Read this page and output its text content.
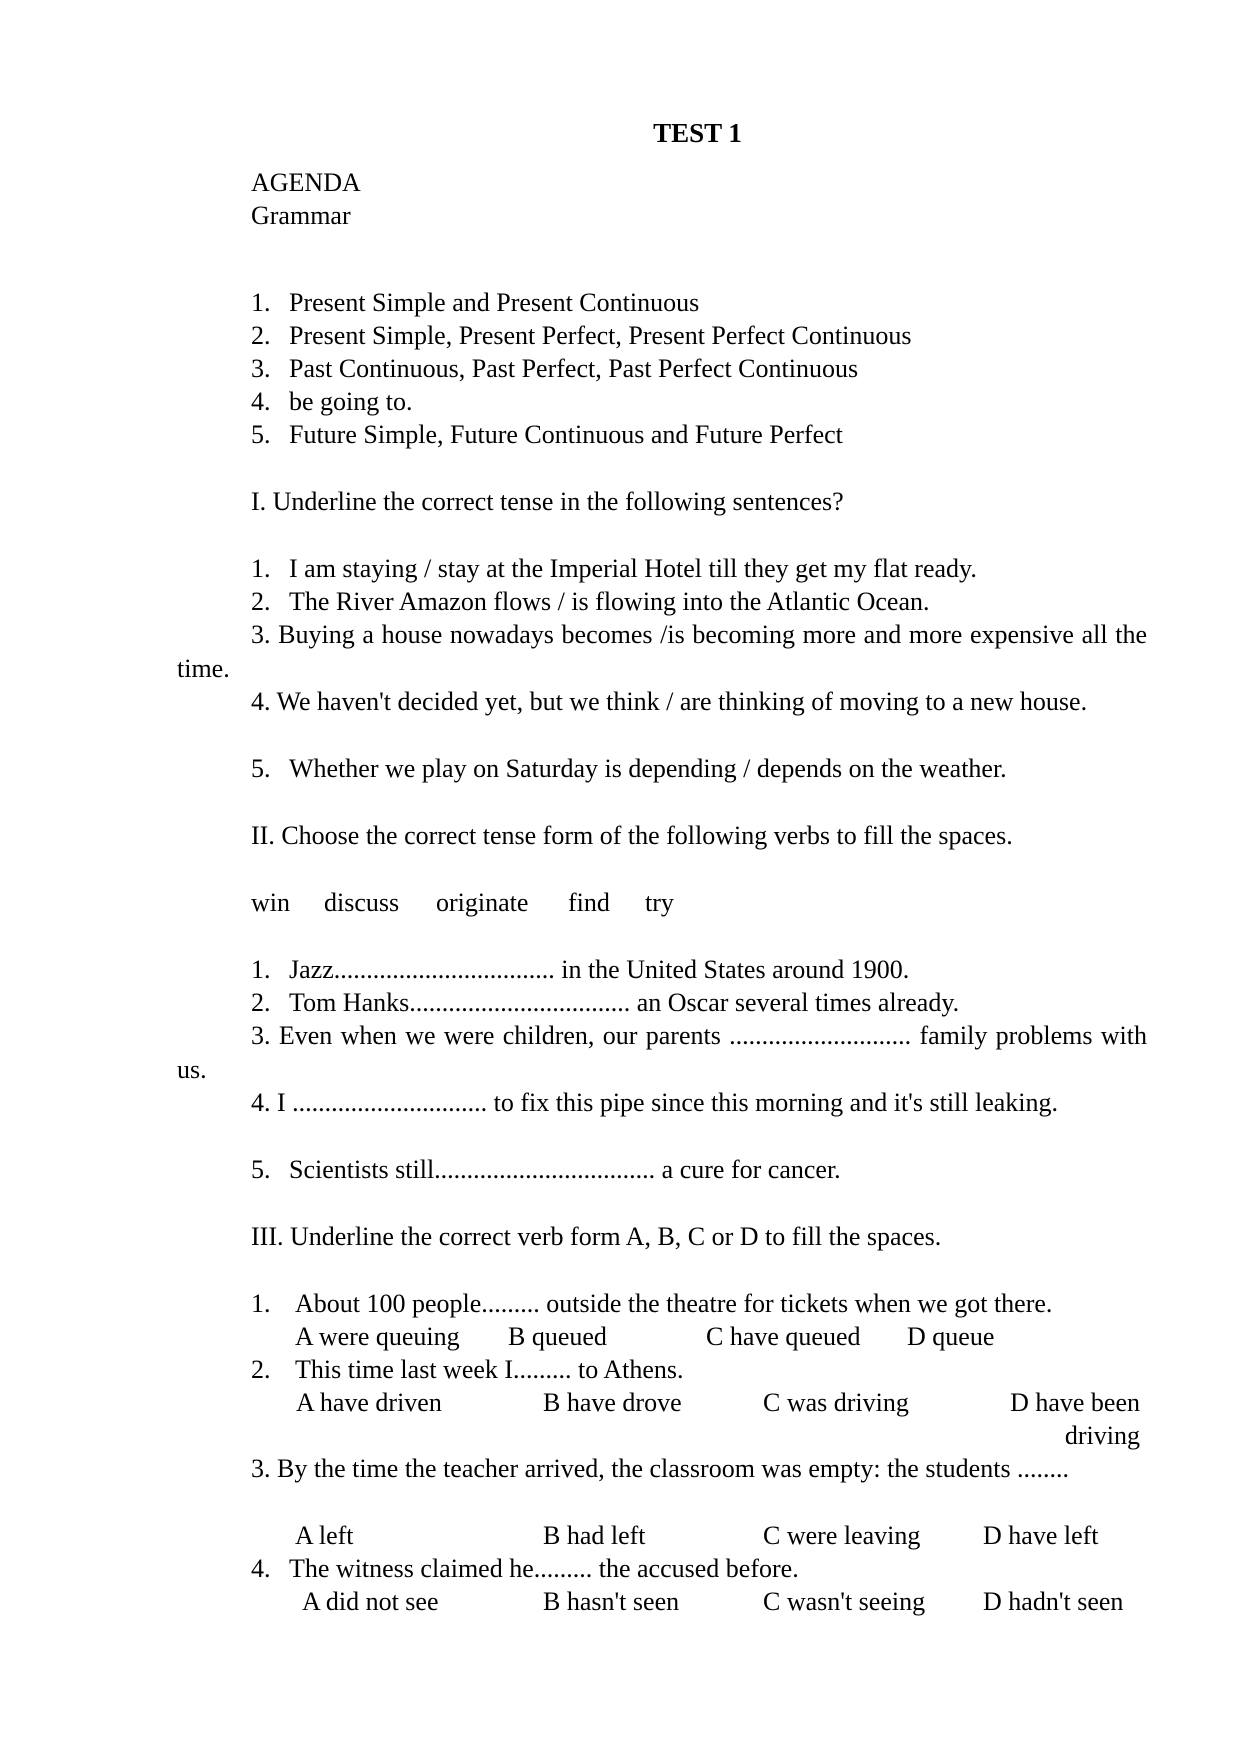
TEST 1
AGENDA
Grammar
1. Present Simple and Present Continuous
2. Present Simple, Present Perfect, Present Perfect Continuous
3. Past Continuous, Past Perfect, Past Perfect Continuous
4. be going to.
5. Future Simple, Future Continuous and Future Perfect
I. Underline the correct tense in the following sentences?
1. I am staying / stay at the Imperial Hotel till they get my flat ready.
2. The River Amazon flows / is flowing into the Atlantic Ocean.
3. Buying a house nowadays becomes /is becoming more and more expensive all the time.
4. We haven't decided yet, but we think / are thinking of moving to a new house.
5. Whether we play on Saturday is depending / depends on the weather.
II. Choose the correct tense form of the following verbs to fill the spaces.
win discuss originate find try
1. Jazz.................................. in the United States around 1900.
2. Tom Hanks.................................. an Oscar several times already.
3. Even when we were children, our parents ............................ family problems with us.
4. I .............................. to fix this pipe since this morning and it's still leaking.
5. Scientists still.................................. a cure for cancer.
III. Underline the correct verb form A, B, C or D to fill the spaces.
1. About 100 people......... outside the theatre for tickets when we got there.
A were queuing B queued	C have queued D queue
2. This time last week I......... to Athens.
A have driven	B have drove	C was driving	D have been driving
3. By the time the teacher arrived, the classroom was empty: the students ........
A left	B had left	C were leaving D have left
4. The witness claimed he......... the accused before.
A did not see	B hasn't seen	C wasn't seeing D hadn't seen
